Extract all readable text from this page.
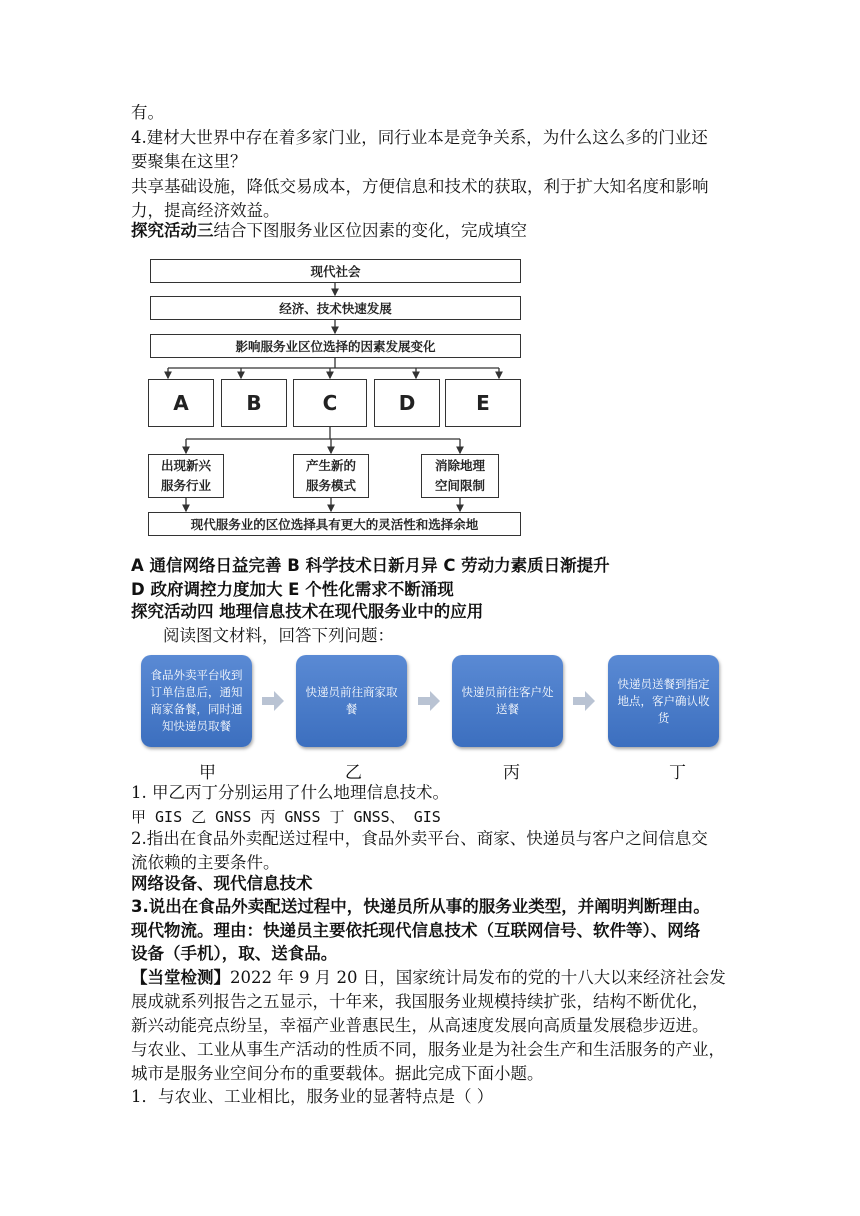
有。
4.建材大世界中存在着多家门业，同行业本是竞争关系，为什么这么多的门业还
要聚集在这里？
共享基础设施，降低交易成本，方便信息和技术的获取，利于扩大知名度和影响
力，提高经济效益。
探究活动三结合下图服务业区位因素的变化，完成填空
现代社会
经济、技术快速发展
影响服务业区位选择的因素发展变化
A	B	C	D	E
出现新兴
服务行业
产生新的
服务模式
消除地理
空间限制
现代服务业的区位选择具有更大的灵活性和选择余地
A 通信网络日益完善 B 科学技术日新月异 C 劳动力素质日渐提升
D 政府调控力度加大 E 个性化需求不断涌现
探究活动四 地理信息技术在现代服务业中的应用
阅读图文材料，回答下列问题：
食品外卖平台收到订单信息后，通知商家备餐，同时通知快递员取餐
快递员前往商家取餐
快递员前往客户处送餐
快递员送餐到指定地点，客户确认收货
甲	乙	丙	丁
1. 甲乙丙丁分别运用了什么地理信息技术。
甲 GIS 乙 GNSS 丙 GNSS 丁 GNSS、 GIS
2.指出在食品外卖配送过程中，食品外卖平台、商家、快递员与客户之间信息交
流依赖的主要条件。
网络设备、现代信息技术
3.说出在食品外卖配送过程中，快递员所从事的服务业类型，并阐明判断理由。
现代物流。理由：快递员主要依托现代信息技术（互联网信号、软件等）、网络
设备（手机），取、送食品。
【当堂检测】2022 年 9 月 20 日，国家统计局发布的党的十八大以来经济社会发
展成就系列报告之五显示，十年来，我国服务业规模持续扩张，结构不断优化，
新兴动能亮点纷呈，幸福产业普惠民生，从高速度发展向高质量发展稳步迈进。
与农业、工业从事生产活动的性质不同，服务业是为社会生产和生活服务的产业，
城市是服务业空间分布的重要载体。据此完成下面小题。
1．与农业、工业相比，服务业的显著特点是（ ）
